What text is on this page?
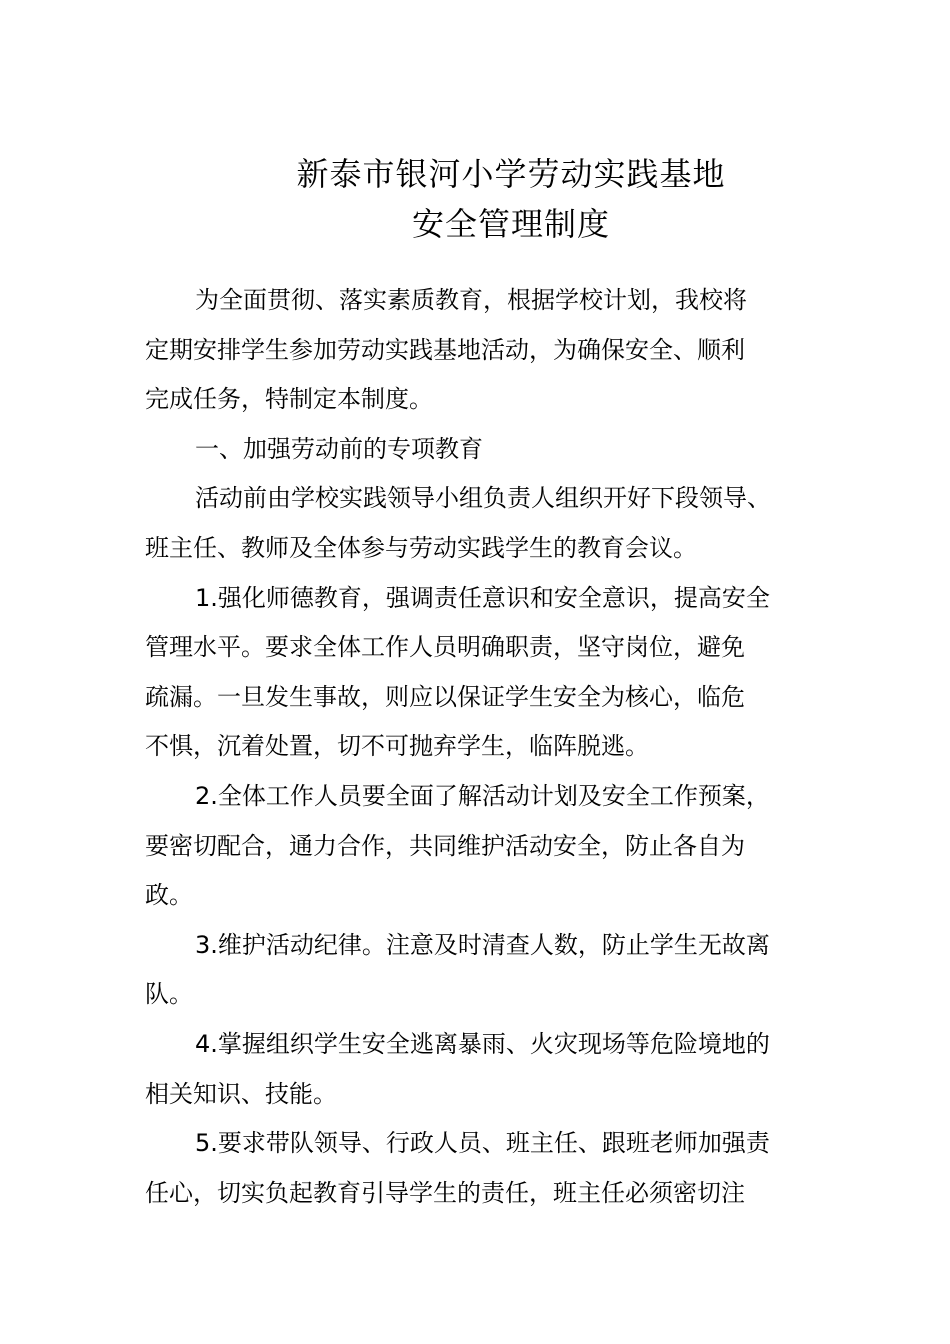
新泰市银河小学劳动实践基地
安全管理制度
为全面贯彻、落实素质教育，根据学校计划，我校将
定期安排学生参加劳动实践基地活动，为确保安全、顺利
完成任务，特制定本制度。
一、加强劳动前的专项教育
活动前由学校实践领导小组负责人组织开好下段领导、
班主任、教师及全体参与劳动实践学生的教育会议。
1.强化师德教育，强调责任意识和安全意识，提高安全
管理水平。要求全体工作人员明确职责，坚守岗位，避免
疏漏。一旦发生事故，则应以保证学生安全为核心，临危
不惧，沉着处置，切不可抛弃学生，临阵脱逃。
2.全体工作人员要全面了解活动计划及安全工作预案，
要密切配合，通力合作，共同维护活动安全，防止各自为
政。
3.维护活动纪律。注意及时清查人数，防止学生无故离
队。
4.掌握组织学生安全逃离暴雨、火灾现场等危险境地的
相关知识、技能。
5.要求带队领导、行政人员、班主任、跟班老师加强责
任心，切实负起教育引导学生的责任，班主任必须密切注
